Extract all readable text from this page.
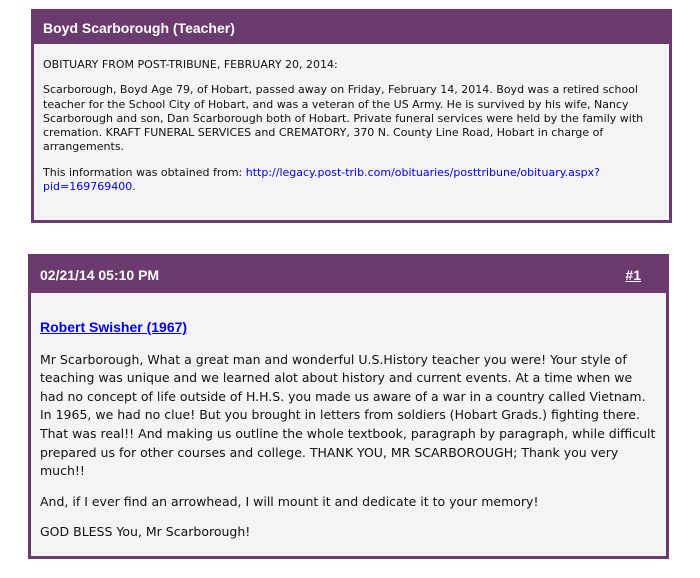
Boyd Scarborough (Teacher)

OBITUARY FROM POST-TRIBUNE, FEBRUARY 20, 2014:

Scarborough, Boyd Age 79, of Hobart, passed away on Friday, February 14, 2014. Boyd was a retired school teacher for the School City of Hobart, and was a veteran of the US Army. He is survived by his wife, Nancy Scarborough and son, Dan Scarborough both of Hobart. Private funeral services were held by the family with cremation. KRAFT FUNERAL SERVICES and CREMATORY, 370 N. County Line Road, Hobart in charge of arrangements.

This information was obtained from: http://legacy.post-trib.com/obituaries/posttribune/obituary.aspx?
pid=169769400.

02/21/14 05:10 PM	#1
Robert Swisher (1967)

Mr Scarborough, What a great man and wonderful U.S.History teacher you were! Your style of teaching was unique and we learned alot about history and current events. At a time when we had no concept of life outside of H.H.S. you made us aware of a war in a country called Vietnam. In 1965, we had no clue! But you brought in letters from soldiers (Hobart Grads.) fighting there. That was real!! And making us outline the whole textbook, paragraph by paragraph, while difficult prepared us for other courses and college. THANK YOU, MR SCARBOROUGH; Thank you very much!!

And, if I ever find an arrowhead, I will mount it and dedicate it to your memory!

GOD BLESS You, Mr Scarborough!
